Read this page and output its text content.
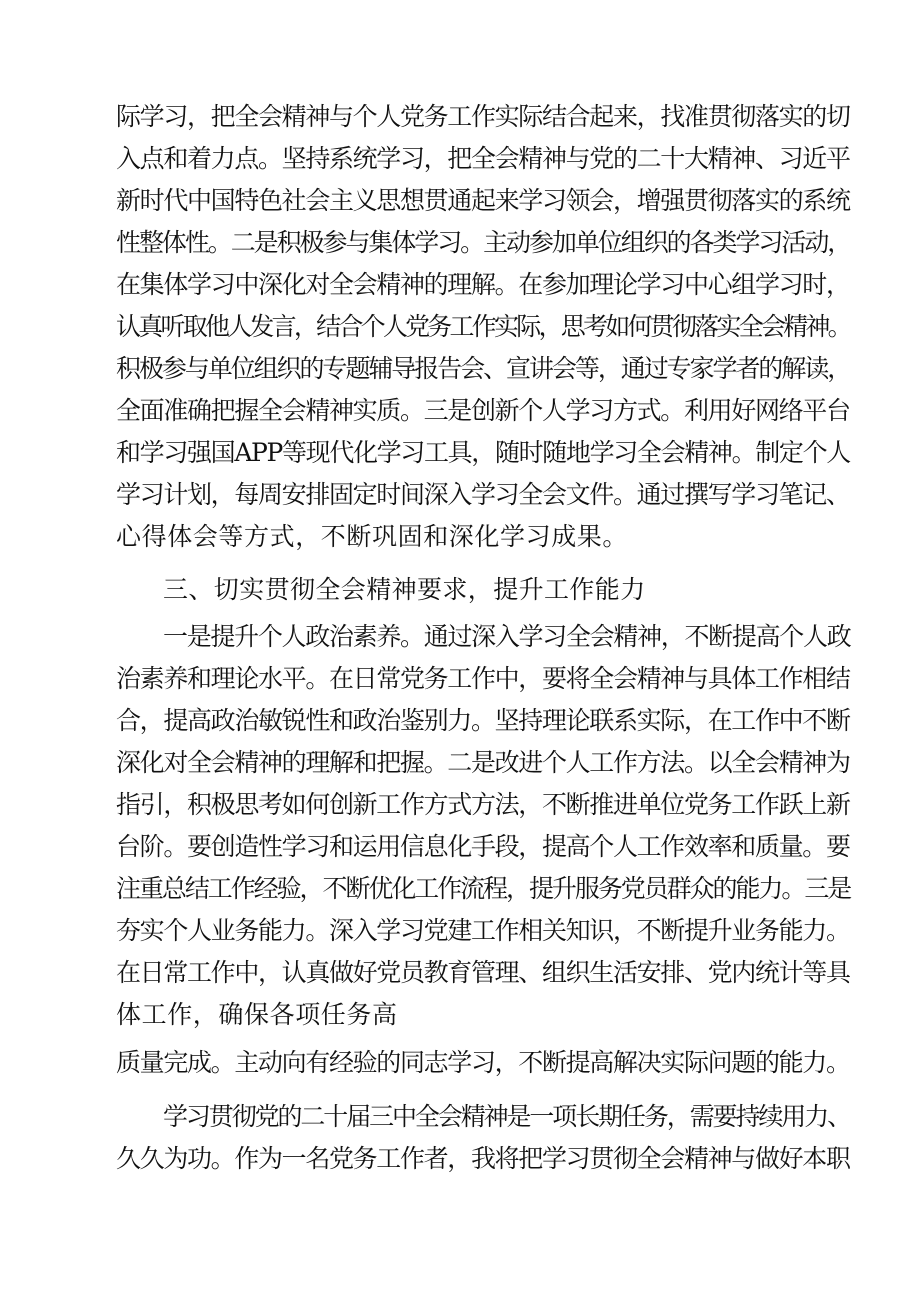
际学习，把全会精神与个人党务工作实际结合起来，找准贯彻落实的切
入点和着力点。坚持系统学习，把全会精神与党的二十大精神、习近平
新时代中国特色社会主义思想贯通起来学习领会，增强贯彻落实的系统
性整体性。二是积极参与集体学习。主动参加单位组织的各类学习活动，
在集体学习中深化对全会精神的理解。在参加理论学习中心组学习时，
认真听取他人发言，结合个人党务工作实际，思考如何贯彻落实全会精神。
积极参与单位组织的专题辅导报告会、宣讲会等，通过专家学者的解读，
全面准确把握全会精神实质。三是创新个人学习方式。利用好网络平台
和学习强国APP等现代化学习工具，随时随地学习全会精神。制定个人
学习计划，每周安排固定时间深入学习全会文件。通过撰写学习笔记、
心得体会等方式，不断巩固和深化学习成果。
三、切实贯彻全会精神要求，提升工作能力
一是提升个人政治素养。通过深入学习全会精神，不断提高个人政
治素养和理论水平。在日常党务工作中，要将全会精神与具体工作相结
合，提高政治敏锐性和政治鉴别力。坚持理论联系实际，在工作中不断
深化对全会精神的理解和把握。二是改进个人工作方法。以全会精神为
指引，积极思考如何创新工作方式方法，不断推进单位党务工作跃上新
台阶。要创造性学习和运用信息化手段，提高个人工作效率和质量。要
注重总结工作经验，不断优化工作流程，提升服务党员群众的能力。三是
夯实个人业务能力。深入学习党建工作相关知识，不断提升业务能力。
在日常工作中，认真做好党员教育管理、组织生活安排、党内统计等具
体工作，确保各项任务高
质量完成。主动向有经验的同志学习，不断提高解决实际问题的能力。
学习贯彻党的二十届三中全会精神是一项长期任务，需要持续用力、
久久为功。作为一名党务工作者，我将把学习贯彻全会精神与做好本职
